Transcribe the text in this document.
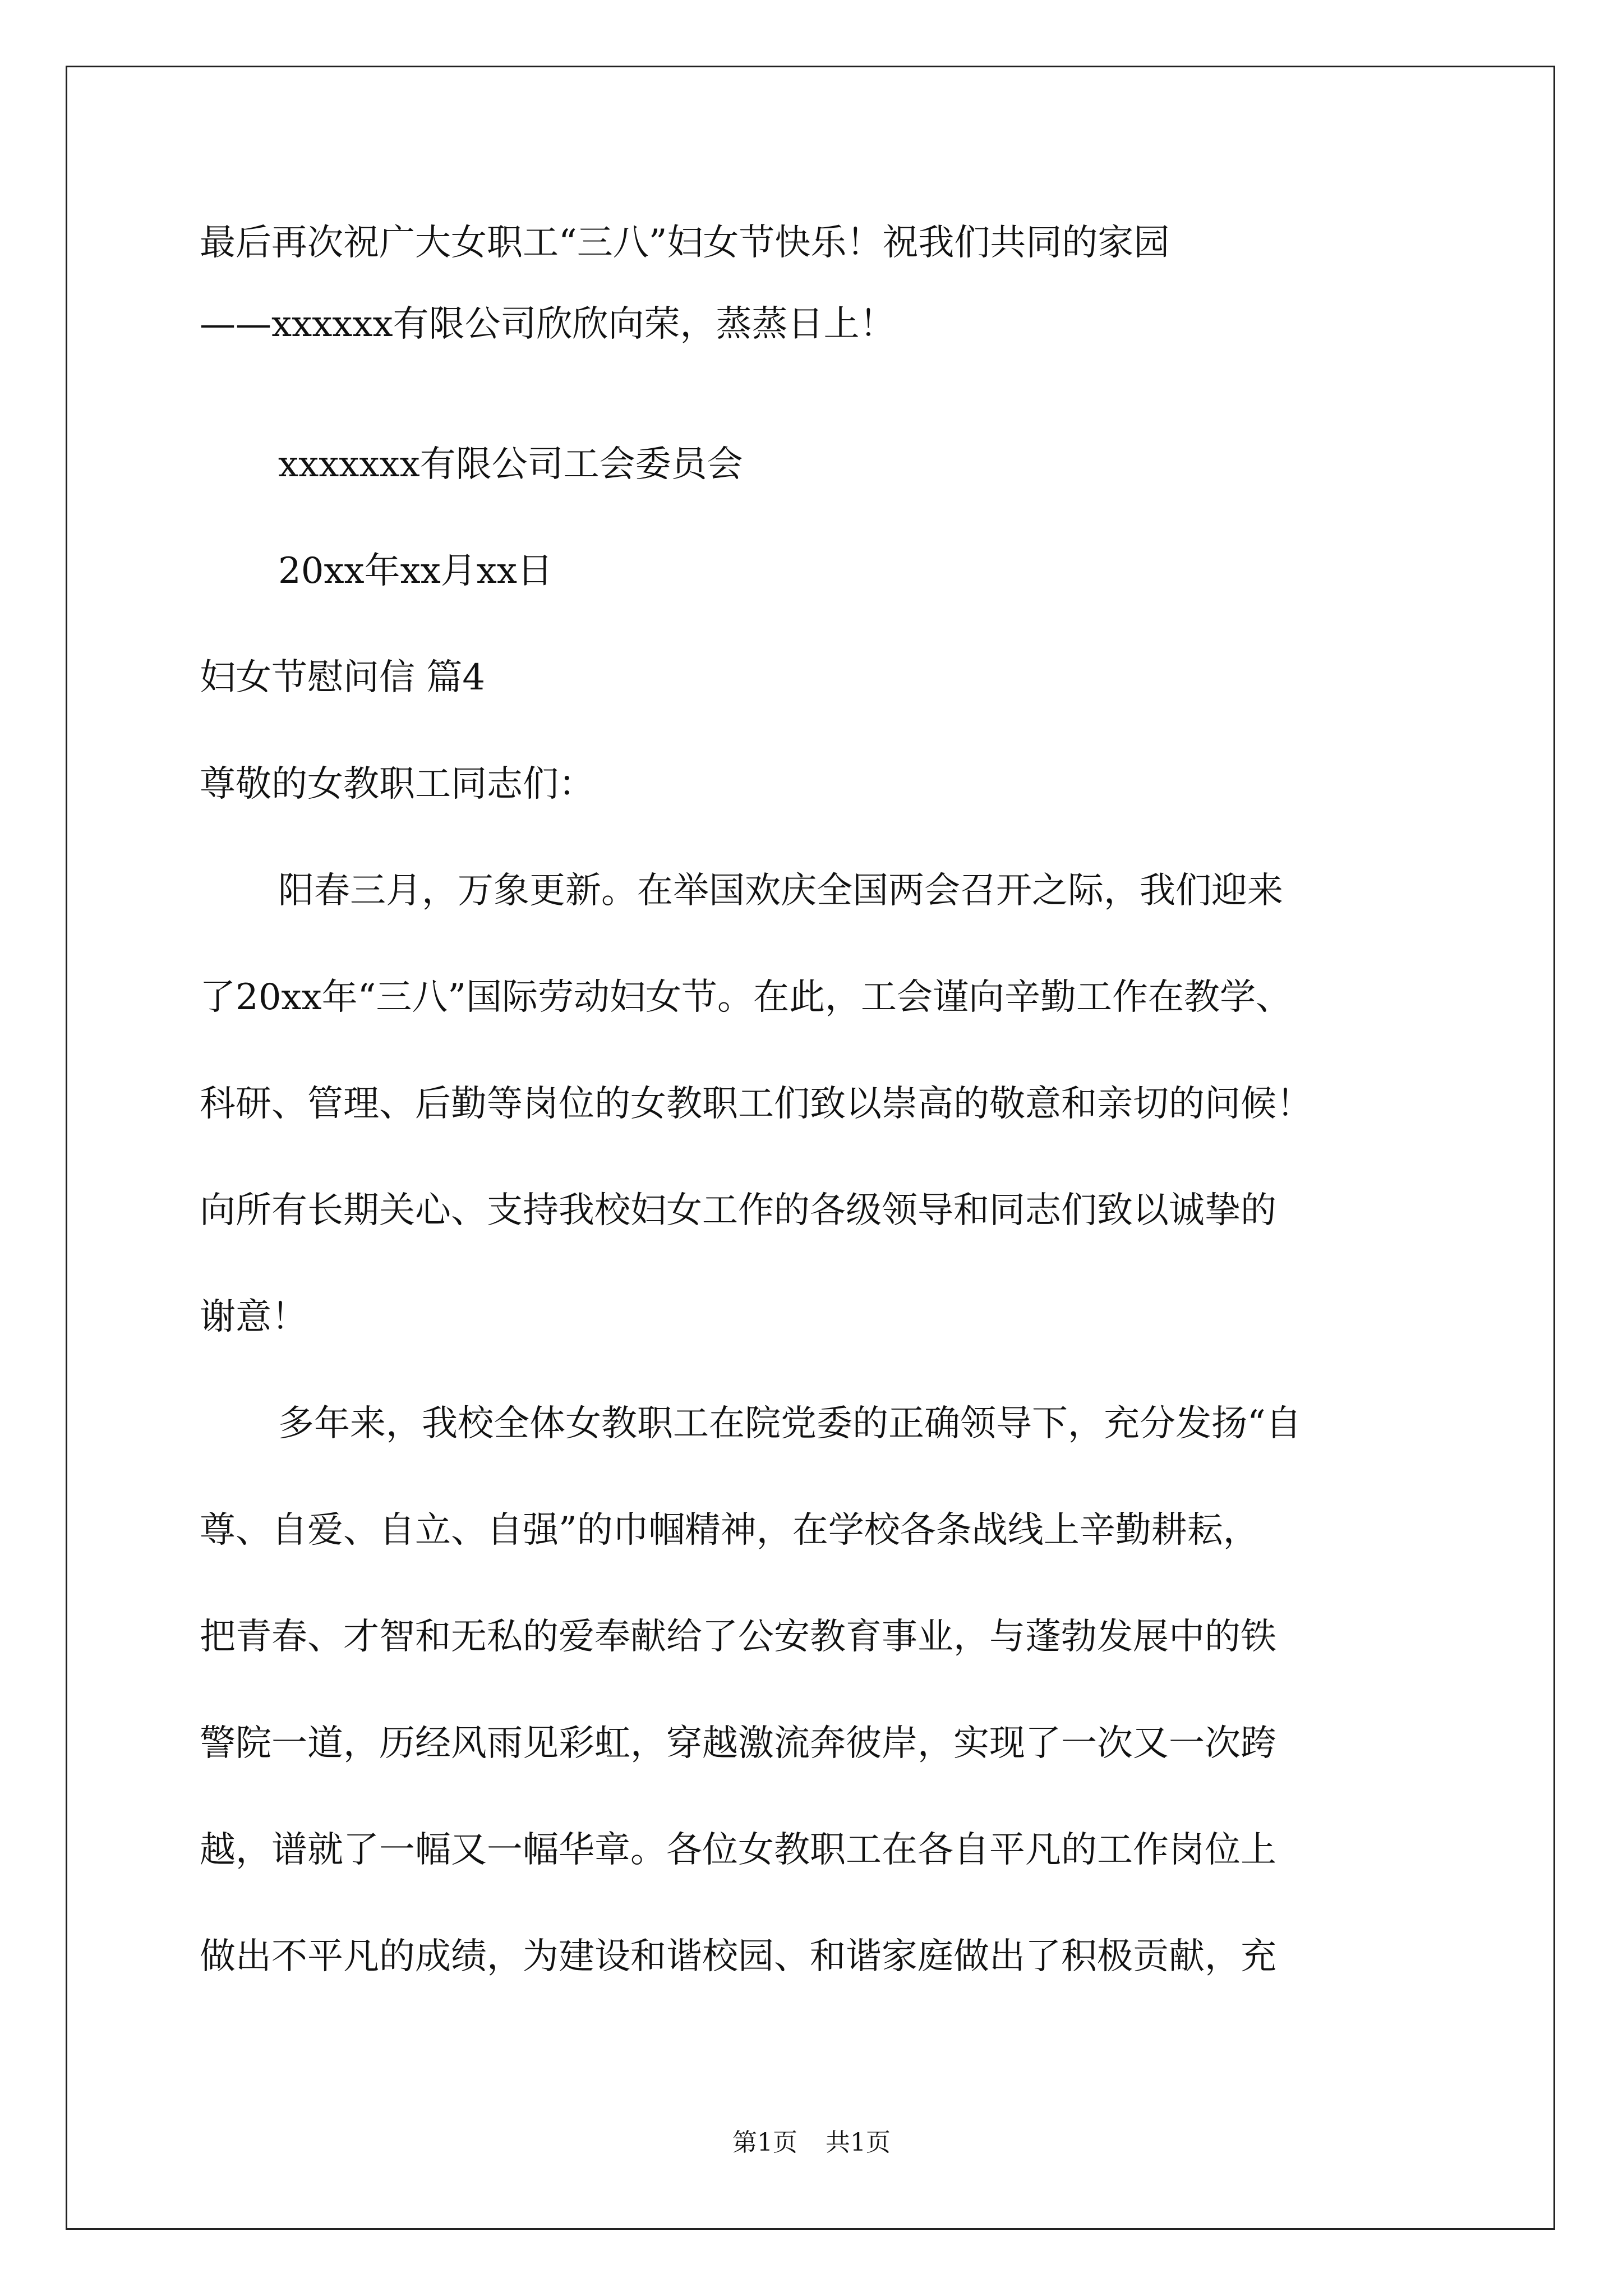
最后再次祝广大女职工“三八”妇女节快乐！祝我们共同的家园
——xxxxxx有限公司欣欣向荣，蒸蒸日上！
xxxxxxx有限公司工会委员会
20xx年xx月xx日
妇女节慰问信 篇4
尊敬的女教职工同志们：
阳春三月，万象更新。在举国欢庆全国两会召开之际，我们迎来
了20xx年“三八”国际劳动妇女节。在此，工会谨向辛勤工作在教学、
科研、管理、后勤等岗位的女教职工们致以崇高的敬意和亲切的问候！
向所有长期关心、支持我校妇女工作的各级领导和同志们致以诚挚的
谢意！
多年来，我校全体女教职工在院党委的正确领导下，充分发扬“自
尊、自爱、自立、自强”的巾帼精神，在学校各条战线上辛勤耕耘，
把青春、才智和无私的爱奉献给了公安教育事业，与蓬勃发展中的铁
警院一道，历经风雨见彩虹，穿越激流奔彼岸，实现了一次又一次跨
越，谱就了一幅又一幅华章。各位女教职工在各自平凡的工作岗位上
做出不平凡的成绩，为建设和谐校园、和谐家庭做出了积极贡献，充
第1页 共1页
